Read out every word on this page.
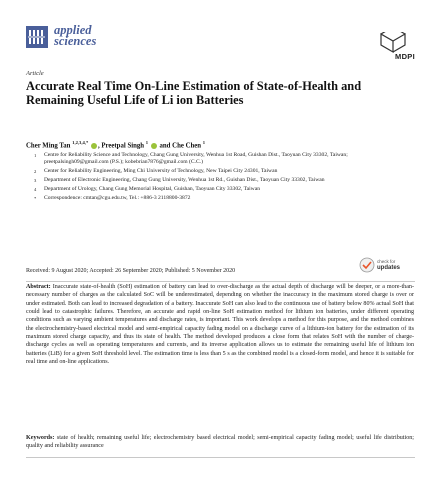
applied
sciences
MDPI
Article
Accurate Real Time On-Line Estimation of State-of-Health and Remaining Useful Life of Li ion Batteries
Cher Ming Tan $^{1,2,3,4,*}$ , Preetpal Singh $^1$ and Che Chen $^1$
1 Centre for Reliability Science and Technology, Chang Gung University, Wenhua 1st Road, Guishan Dist., Taoyuan City 33302, Taiwan; preetpalsingh09@gmail.com (P.S.); kobebrian7876@gmail.com (C.C.)
2 Center for Reliability Engineering, Ming Chi University of Technology, New Taipei City 24301, Taiwan
3 Department of Electronic Engineering, Chang Gung University, Wenhua 1st Rd., Guishan Dist., Taoyuan City 33302, Taiwan
4 Department of Urology, Chang Gung Memorial Hospital, Guishan, Taoyuan City 33302, Taiwan
* Correspondence: cmtan@cgu.edu.tw, Tel.: +886-3 2118800-3872
check for
updates
Received: 9 August 2020; Accepted: 26 September 2020; Published: 5 November 2020

Abstract: Inaccurate state-of-health (SoH) estimation of battery can lead to over-discharge as the actual depth of discharge will be deeper, or a more-than-necessary number of charges as the calculated SoC will be underestimated, depending on whether the inaccuracy in the maximum stored charge is over or under estimated. Both can lead to increased degradation of a battery. Inaccurate SoH can also lead to the continuous use of battery below 80% actual SoH that could lead to catastrophic failures. Therefore, an accurate and rapid on-line SoH estimation method for lithium ion batteries, under different operating conditions such as varying ambient temperatures and discharge rates, is important. This work develops a method for this purpose, and the method combines the electrochemistry-based electrical model and semi-empirical capacity fading model on a discharge curve of a lithium-ion battery for the estimation of its maximum stored charge capacity, and thus its state of health. The method developed produces a close form that relates SoH with the number of charge-discharge cycles as well as operating temperatures and currents, and its inverse application allows us to estimate the remaining useful life of lithium ion batteries (LiB) for a given SoH threshold level. The estimation time is less than 5 s as the combined model is a closed-form model, and hence it is suitable for real time and on-line applications.

Keywords: state of health; remaining useful life; electrochemistry based electrical model; semi-empirical capacity fading model; useful life distribution; quality and reliability assurance
